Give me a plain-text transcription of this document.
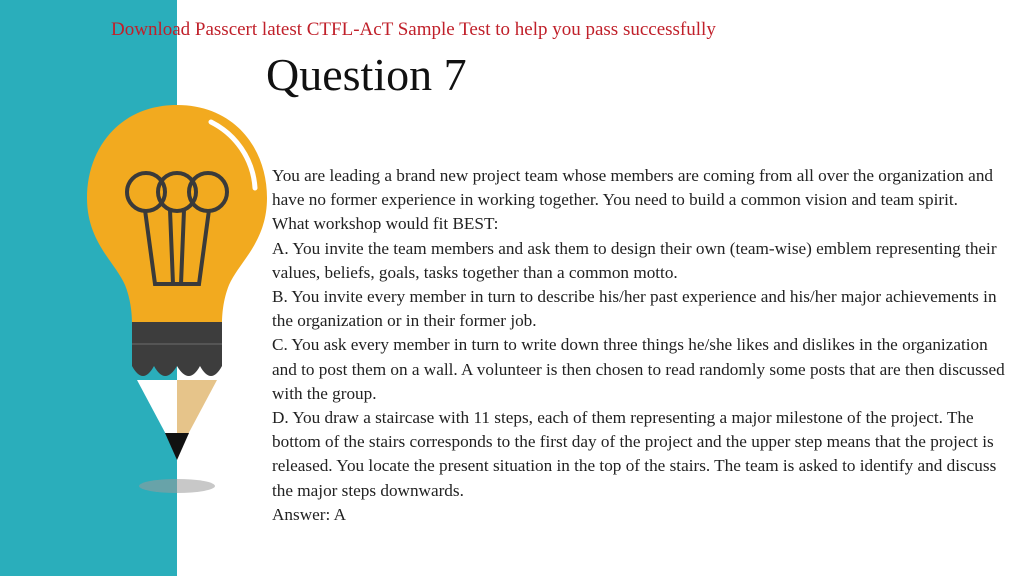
Download Passcert latest CTFL-AcT Sample Test to help you pass successfully
Question 7

You are leading a brand new project team whose members are coming from all over the organization and have no former experience in working together. You need to build a common vision and team spirit.

What workshop would fit BEST:

A. You invite the team members and ask them to design their own (team-wise) emblem representing their values, beliefs, goals, tasks together than a common motto.

B. You invite every member in turn to describe his/her past experience and his/her major achievements in the organization or in their former job.

C. You ask every member in turn to write down three things he/she likes and dislikes in the organization and to post them on a wall. A volunteer is then chosen to read randomly some posts that are then discussed with the group.

D. You draw a staircase with 11 steps, each of them representing a major milestone of the project. The bottom of the stairs corresponds to the first day of the project and the upper step means that the project is released. You locate the present situation in the top of the stairs. The team is asked to identify and discuss the major steps downwards.

Answer: A
